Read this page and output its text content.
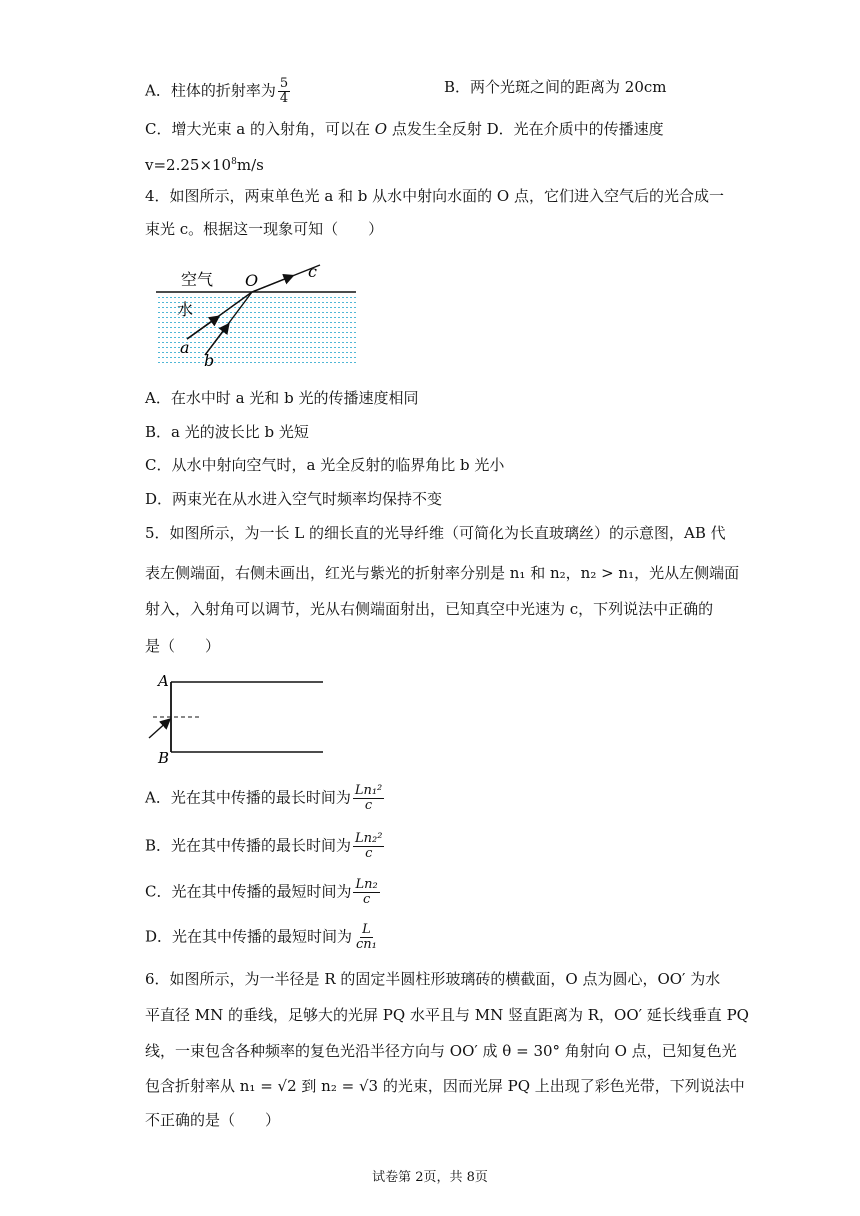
A．柱体的折射率为 $\frac{5}{4}$	B．两个光斑之间的距离为 20cm
C．增大光束 a 的入射角，可以在 O 点发生全反射 D．光在介质中的传播速度
$v=2.25\times 10^8m/s$
4．如图所示，两束单色光 a 和 b 从水中射向水面的 O 点，它们进入空气后的光合成一
束光 c。根据这一现象可知（　　）
空气
水
O	c
a
b
A．在水中时 a 光和 b 光的传播速度相同
B．a 光的波长比 b 光短
C．从水中射向空气时，a 光全反射的临界角比 b 光小
D．两束光在从水进入空气时频率均保持不变
5．如图所示，为一长 L 的细长直的光导纤维（可简化为长直玻璃丝）的示意图，AB 代
表左侧端面，右侧未画出，红光与紫光的折射率分别是 n₁ 和 n₂，n₂ > n₁，光从左侧端面
射入，入射角可以调节，光从右侧端面射出，已知真空中光速为 c，下列说法中正确的
是（　　）
A
B
A．光在其中传播的最长时间为 $\frac{\text{Ln₁²}}{c}$
B．光在其中传播的最长时间为 $\frac{\text{Ln₂²}}{c}$
C．光在其中传播的最短时间为 $\frac{\text{Ln₂}}{c}$
D．光在其中传播的最短时间为 $\frac{L}{\text{cn₁}}$
6．如图所示，为一半径是 R 的固定半圆柱形玻璃砖的横截面，O 点为圆心，OO′ 为水
平直径 MN 的垂线，足够大的光屏 PQ 水平且与 MN 竖直距离为 R，OO′ 延长线垂直 PQ
线，一束包含各种频率的复色光沿半径方向与 OO′ 成 θ = 30° 角射向 O 点，已知复色光
包含折射率从 n₁ = √2 到 n₂ = √3 的光束，因而光屏 PQ 上出现了彩色光带，下列说法中
不正确的是（　　）
试卷第 2页，共 8页
